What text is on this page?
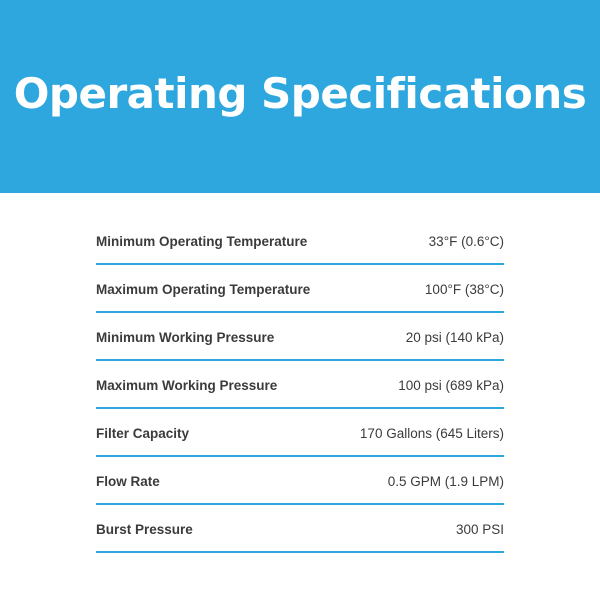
Operating Specifications
Minimum Operating Temperature	33°F (0.6°C)
Maximum Operating Temperature	100°F (38°C)
Minimum Working Pressure	20 psi (140 kPa)
Maximum Working Pressure	100 psi (689 kPa)
Filter Capacity	170 Gallons (645 Liters)
Flow Rate	0.5 GPM (1.9 LPM)
Burst Pressure	300 PSI
